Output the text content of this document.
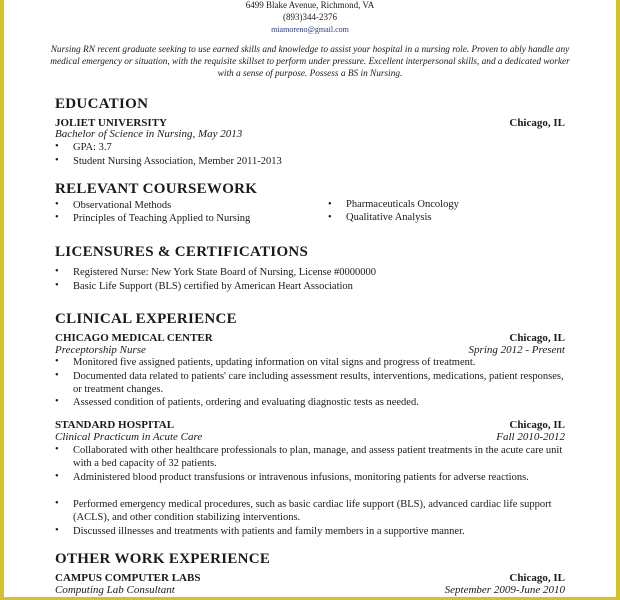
6499 Blake Avenue, Richmond, VA
(893)344-2376
miamoreno@gmail.com
Nursing RN recent graduate seeking to use earned skills and knowledge to assist your hospital in a nursing role. Proven to ably handle any medical emergency or situation, with the requisite skillset to perform under pressure. Excellent interpersonal skills, and a dedicated worker with a sense of purpose. Possess a BS in Nursing.
EDUCATION
JOLIET UNIVERSITY	Chicago, IL
Bachelor of Science in Nursing, May 2013
•	GPA: 3.7
•	Student Nursing Association, Member 2011-2013
RELEVANT COURSEWORK
•	Observational Methods
•	Principles of Teaching Applied to Nursing
• Pharmaceuticals Oncology
• Qualitative Analysis
LICENSURES & CERTIFICATIONS
•	Registered Nurse: New York State Board of Nursing, License #0000000
•	Basic Life Support (BLS) certified by American Heart Association
CLINICAL EXPERIENCE
CHICAGO MEDICAL CENTER	Chicago, IL
Preceptorship Nurse	Spring 2012 - Present
•	Monitored five assigned patients, updating information on vital signs and progress of treatment.
•	Documented data related to patients' care including assessment results, interventions, medications, patient responses, or treatment changes.
•	Assessed condition of patients, ordering and evaluating diagnostic tests as needed.
STANDARD HOSPITAL	Chicago, IL
Clinical Practicum in Acute Care	Fall 2010-2012
•	Collaborated with other healthcare professionals to plan, manage, and assess patient treatments in the acute care unit with a bed capacity of 32 patients.
•	Administered blood product transfusions or intravenous infusions, monitoring patients for adverse reactions.
•	Performed emergency medical procedures, such as basic cardiac life support (BLS), advanced cardiac life support (ACLS), and other condition stabilizing interventions.
•	Discussed illnesses and treatments with patients and family members in a supportive manner.
OTHER WORK EXPERIENCE
CAMPUS COMPUTER LABS	Chicago, IL
Computing Lab Consultant	September 2009-June 2010
